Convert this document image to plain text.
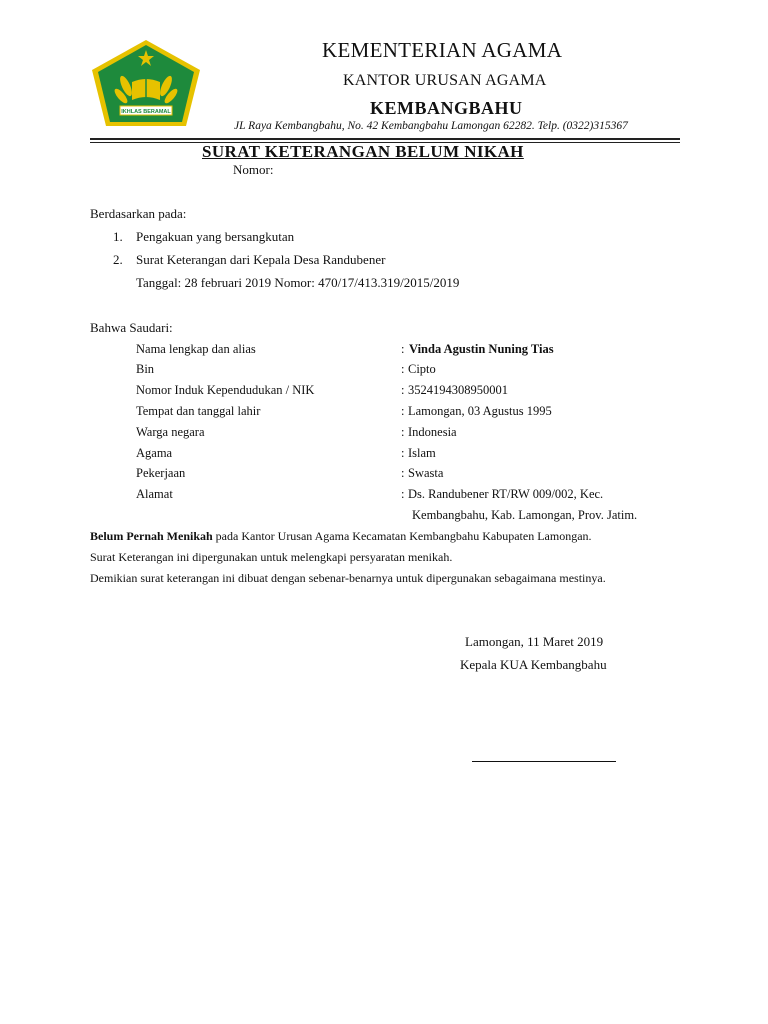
IKHLAS BERAMAL
KEMENTERIAN AGAMA
KANTOR URUSAN AGAMA
KEMBANGBAHU
JL Raya Kembangbahu, No. 42 Kembangbahu Lamongan 62282. Telp. (0322)315367
SURAT KETERANGAN BELUM NIKAH
Nomor:
Berdasarkan pada:
1. Pengakuan yang bersangkutan
2. Surat Keterangan dari Kepala Desa Randubener
Tanggal: 28 februari 2019 Nomor: 470/17/413.319/2015/2019
Bahwa Saudari:
Nama lengkap dan alias	: Vinda Agustin Nuning Tias
Bin	: Cipto
Nomor Induk Kependudukan / NIK	: 3524194308950001
Tempat dan tanggal lahir	: Lamongan, 03 Agustus 1995
Warga negara	: Indonesia
Agama	: Islam
Pekerjaan	: Swasta
Alamat	: Ds. Randubener RT/RW 009/002, Kec.
Kembangbahu, Kab. Lamongan, Prov. Jatim.
Belum Pernah Menikah pada Kantor Urusan Agama Kecamatan Kembangbahu Kabupaten Lamongan.
Surat Keterangan ini dipergunakan untuk melengkapi persyaratan menikah.
Demikian surat keterangan ini dibuat dengan sebenar-benarnya untuk dipergunakan sebagaimana mestinya.
Lamongan, 11 Maret 2019
Kepala KUA Kembangbahu
